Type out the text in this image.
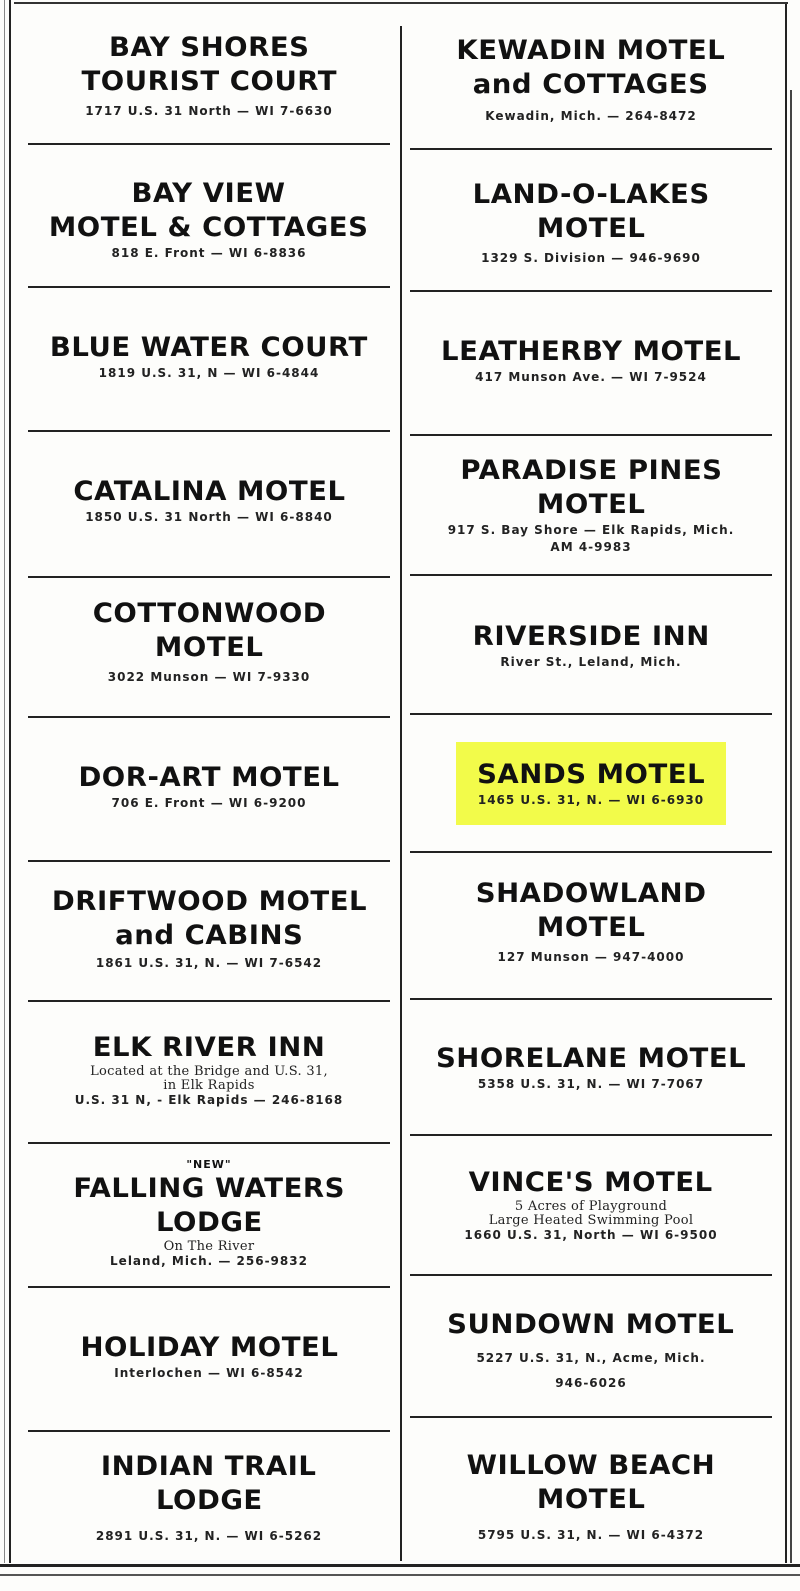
BAY SHORES
TOURIST COURT
1717 U.S. 31 North — WI 7-6630
BAY VIEW
MOTEL & COTTAGES
818 E. Front — WI 6-8836
BLUE WATER COURT
1819 U.S. 31, N — WI 6-4844
CATALINA MOTEL
1850 U.S. 31 North — WI 6-8840
COTTONWOOD
MOTEL
3022 Munson — WI 7-9330
DOR-ART MOTEL
706 E. Front — WI 6-9200
DRIFTWOOD MOTEL
and CABINS
1861 U.S. 31, N. — WI 7-6542
ELK RIVER INN
Located at the Bridge and U.S. 31,
in Elk Rapids
U.S. 31 N, - Elk Rapids — 246-8168
"NEW"
FALLING WATERS
LODGE
On The River
Leland, Mich. — 256-9832
HOLIDAY MOTEL
Interlochen — WI 6-8542
INDIAN TRAIL
LODGE
2891 U.S. 31, N. — WI 6-5262
KEWADIN MOTEL
and COTTAGES
Kewadin, Mich. — 264-8472
LAND-O-LAKES
MOTEL
1329 S. Division — 946-9690
LEATHERBY MOTEL
417 Munson Ave. — WI 7-9524
PARADISE PINES
MOTEL
917 S. Bay Shore — Elk Rapids, Mich.
AM 4-9983
RIVERSIDE INN
River St., Leland, Mich.
SANDS MOTEL
1465 U.S. 31, N. — WI 6-6930
SHADOWLAND
MOTEL
127 Munson — 947-4000
SHORELANE MOTEL
5358 U.S. 31, N. — WI 7-7067
VINCE'S MOTEL
5 Acres of Playground
Large Heated Swimming Pool
1660 U.S. 31, North — WI 6-9500
SUNDOWN MOTEL
5227 U.S. 31, N., Acme, Mich.
946-6026
WILLOW BEACH
MOTEL
5795 U.S. 31, N. — WI 6-4372
